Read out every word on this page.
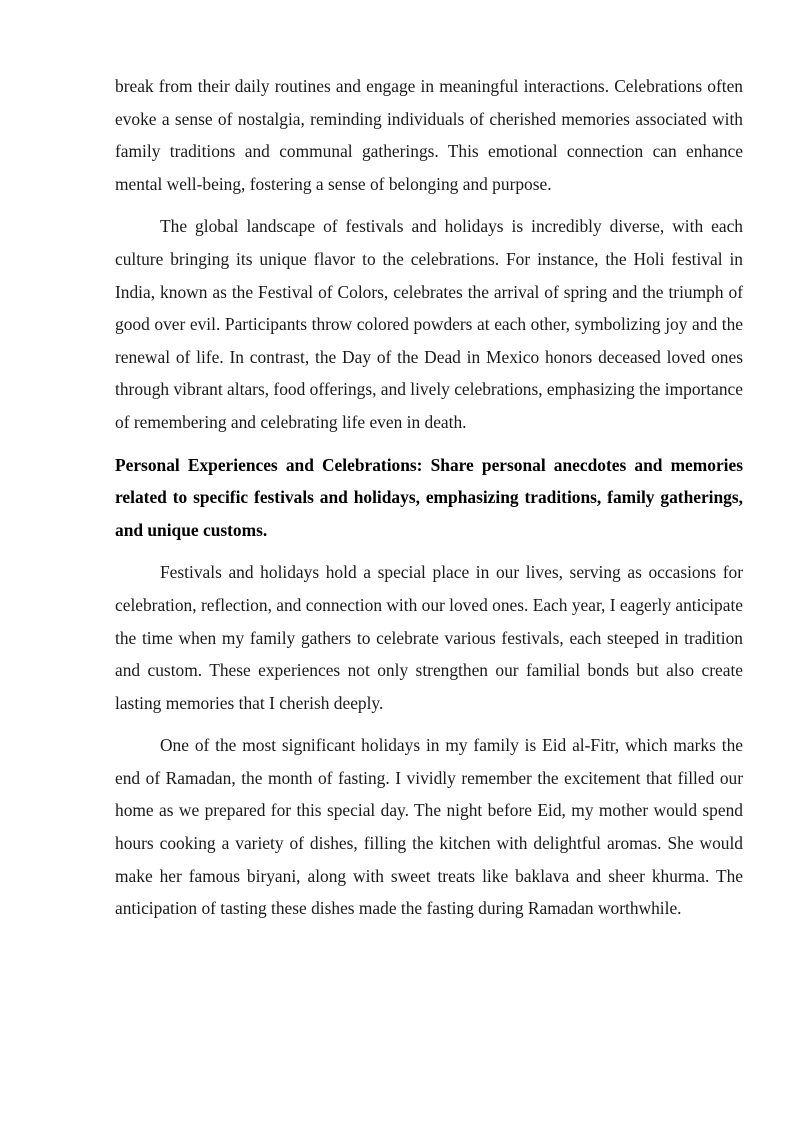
break from their daily routines and engage in meaningful interactions. Celebrations often evoke a sense of nostalgia, reminding individuals of cherished memories associated with family traditions and communal gatherings. This emotional connection can enhance mental well-being, fostering a sense of belonging and purpose.

The global landscape of festivals and holidays is incredibly diverse, with each culture bringing its unique flavor to the celebrations. For instance, the Holi festival in India, known as the Festival of Colors, celebrates the arrival of spring and the triumph of good over evil. Participants throw colored powders at each other, symbolizing joy and the renewal of life. In contrast, the Day of the Dead in Mexico honors deceased loved ones through vibrant altars, food offerings, and lively celebrations, emphasizing the importance of remembering and celebrating life even in death.

Personal Experiences and Celebrations: Share personal anecdotes and memories related to specific festivals and holidays, emphasizing traditions, family gatherings, and unique customs.

Festivals and holidays hold a special place in our lives, serving as occasions for celebration, reflection, and connection with our loved ones. Each year, I eagerly anticipate the time when my family gathers to celebrate various festivals, each steeped in tradition and custom. These experiences not only strengthen our familial bonds but also create lasting memories that I cherish deeply.

One of the most significant holidays in my family is Eid al-Fitr, which marks the end of Ramadan, the month of fasting. I vividly remember the excitement that filled our home as we prepared for this special day. The night before Eid, my mother would spend hours cooking a variety of dishes, filling the kitchen with delightful aromas. She would make her famous biryani, along with sweet treats like baklava and sheer khurma. The anticipation of tasting these dishes made the fasting during Ramadan worthwhile.
